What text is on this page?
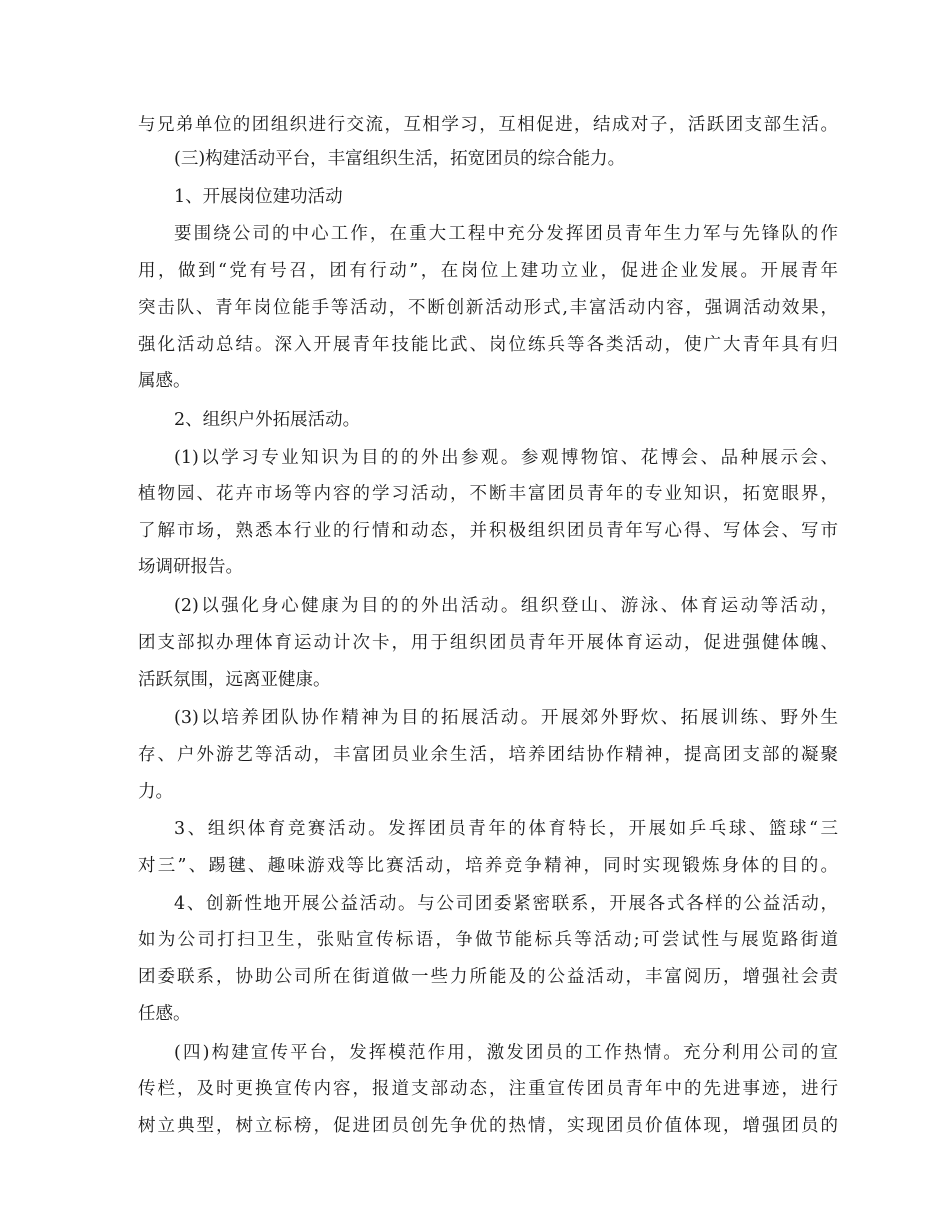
与兄弟单位的团组织进行交流，互相学习，互相促进，结成对子，活跃团支部生活。
(三)构建活动平台，丰富组织生活，拓宽团员的综合能力。
1、开展岗位建功活动
要围绕公司的中心工作，在重大工程中充分发挥团员青年生力军与先锋队的作
用，做到“党有号召，团有行动”，在岗位上建功立业，促进企业发展。开展青年
突击队、青年岗位能手等活动，不断创新活动形式,丰富活动内容，强调活动效果，
强化活动总结。深入开展青年技能比武、岗位练兵等各类活动，使广大青年具有归
属感。
2、组织户外拓展活动。
(1)以学习专业知识为目的的外出参观。参观博物馆、花博会、品种展示会、
植物园、花卉市场等内容的学习活动，不断丰富团员青年的专业知识，拓宽眼界，
了解市场，熟悉本行业的行情和动态，并积极组织团员青年写心得、写体会、写市
场调研报告。
(2)以强化身心健康为目的的外出活动。组织登山、游泳、体育运动等活动，
团支部拟办理体育运动计次卡，用于组织团员青年开展体育运动，促进强健体魄、
活跃氛围，远离亚健康。
(3)以培养团队协作精神为目的拓展活动。开展郊外野炊、拓展训练、野外生
存、户外游艺等活动，丰富团员业余生活，培养团结协作精神，提高团支部的凝聚
力。
3、组织体育竞赛活动。发挥团员青年的体育特长，开展如乒乓球、篮球“三
对三”、踢毽、趣味游戏等比赛活动，培养竞争精神，同时实现锻炼身体的目的。
4、创新性地开展公益活动。与公司团委紧密联系，开展各式各样的公益活动，
如为公司打扫卫生，张贴宣传标语，争做节能标兵等活动;可尝试性与展览路街道
团委联系，协助公司所在街道做一些力所能及的公益活动，丰富阅历，增强社会责
任感。
(四)构建宣传平台，发挥模范作用，激发团员的工作热情。充分利用公司的宣
传栏，及时更换宣传内容，报道支部动态，注重宣传团员青年中的先进事迹，进行
树立典型，树立标榜，促进团员创先争优的热情，实现团员价值体现，增强团员的
